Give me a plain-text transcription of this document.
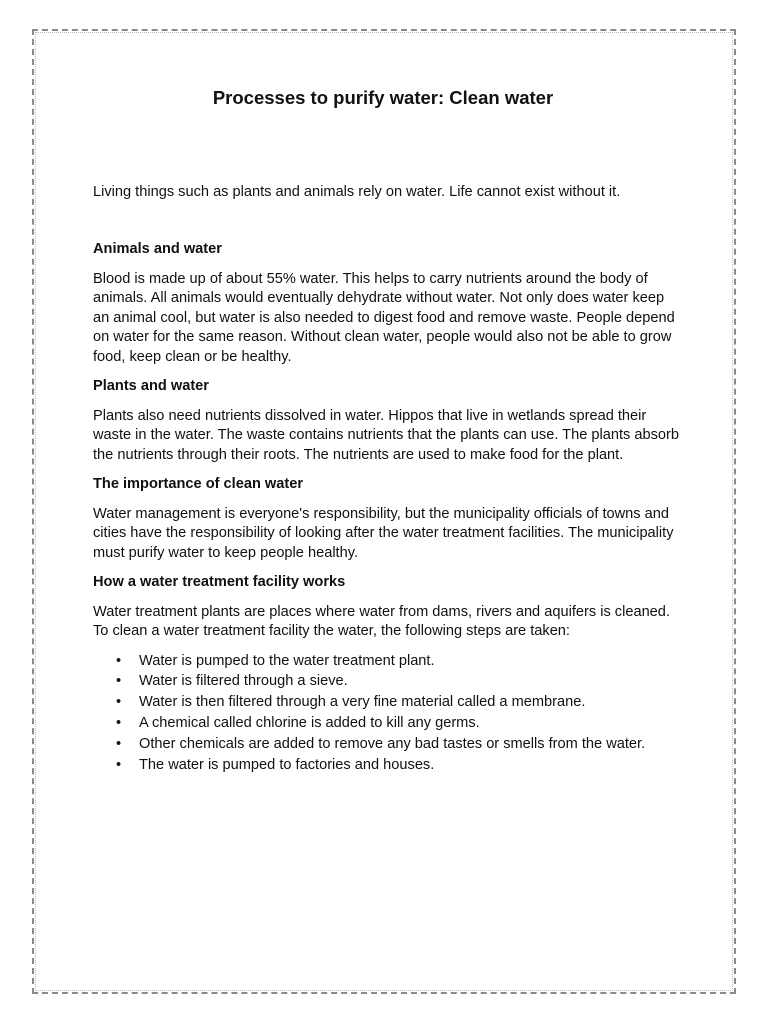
Processes to purify water: Clean water

Living things such as plants and animals rely on water. Life cannot exist without it.

Animals and water

Blood is made up of about 55% water. This helps to carry nutrients around the body of animals. All animals would eventually dehydrate without water. Not only does water keep an animal cool, but water is also needed to digest food and remove waste. People depend on water for the same reason. Without clean water, people would also not be able to grow food, keep clean or be healthy.

Plants and water

Plants also need nutrients dissolved in water. Hippos that live in wetlands spread their waste in the water. The waste contains nutrients that the plants can use. The plants absorb the nutrients through their roots. The nutrients are used to make food for the plant.

The importance of clean water

Water management is everyone's responsibility, but the municipality officials of towns and cities have the responsibility of looking after the water treatment facilities. The municipality must purify water to keep people healthy.

How a water treatment facility works

Water treatment plants are places where water from dams, rivers and aquifers is cleaned. To clean a water treatment facility the water, the following steps are taken:

• Water is pumped to the water treatment plant.
• Water is filtered through a sieve.
• Water is then filtered through a very fine material called a membrane.
• A chemical called chlorine is added to kill any germs.
• Other chemicals are added to remove any bad tastes or smells from the water.
• The water is pumped to factories and houses.
